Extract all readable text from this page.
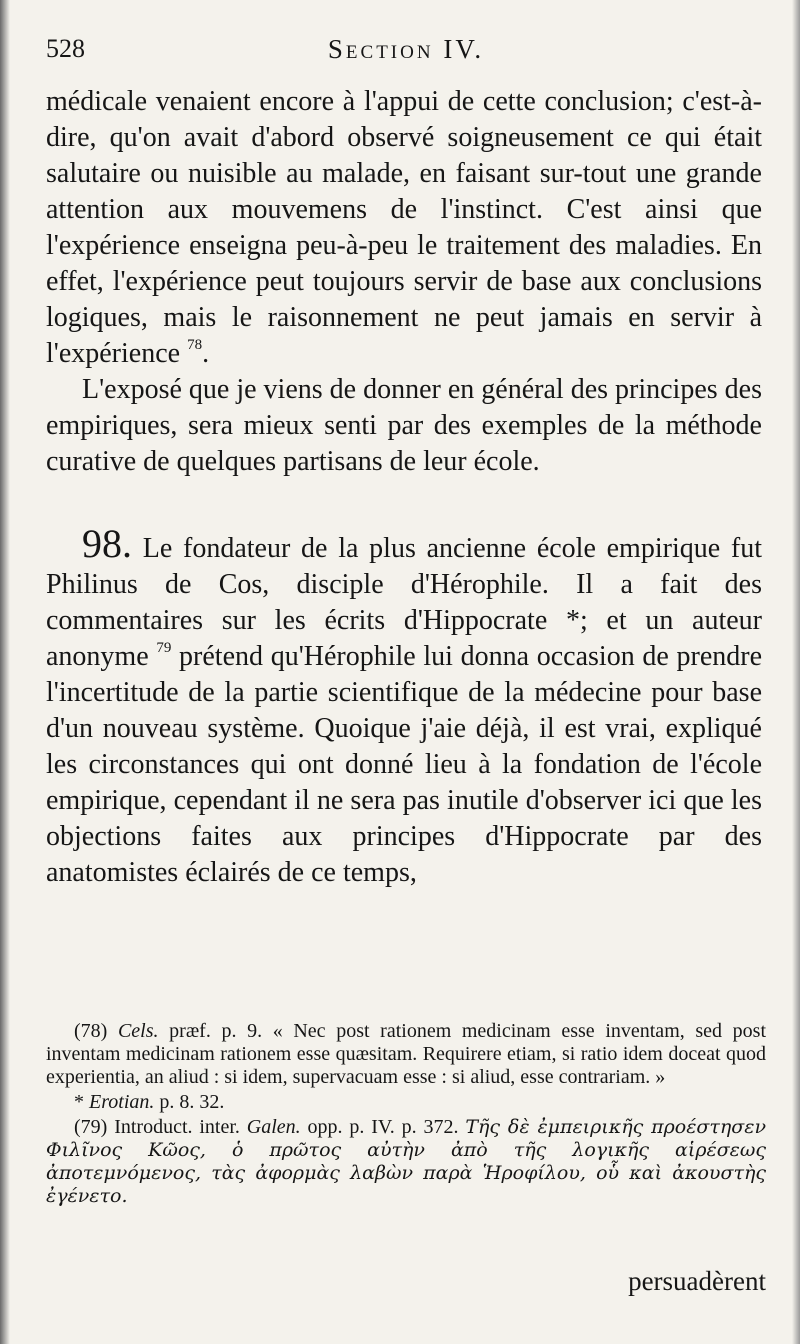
528	Section IV.

médicale venaient encore à l'appui de cette conclusion; c'est-à-dire, qu'on avait d'abord observé soigneusement ce qui était salutaire ou nuisible au malade, en faisant sur-tout une grande attention aux mouvemens de l'instinct. C'est ainsi que l'expérience enseigna peu-à-peu le traitement des maladies. En effet, l'expérience peut toujours servir de base aux conclusions logiques, mais le raisonnement ne peut jamais en servir à l'expérience $^{78}$.

L'exposé que je viens de donner en général des principes des empiriques, sera mieux senti par des exemples de la méthode curative de quelques partisans de leur école.

98. Le fondateur de la plus ancienne école empirique fut Philinus de Cos, disciple d'Hérophile. Il a fait des commentaires sur les écrits d'Hippocrate *; et un auteur anonyme $^{79}$ prétend qu'Hérophile lui donna occasion de prendre l'incertitude de la partie scientifique de la médecine pour base d'un nouveau système. Quoique j'aie déjà, il est vrai, expliqué les circonstances qui ont donné lieu à la fondation de l'école empirique, cependant il ne sera pas inutile d'observer ici que les objections faites aux principes d'Hippocrate par des anatomistes éclairés de ce temps,

(78) Cels. præf. p. 9. « Nec post rationem medicinam esse inventam, sed post inventam medicinam rationem esse quæsitam. Requirere etiam, si ratio idem doceat quod experientia, an aliud : si idem, supervacuam esse : si aliud, esse contrariam. »

* Erotian. p. 8. 32.

(79) Introduct. inter. Galen. opp. p. IV. p. 372. Τῆς δὲ ἐμπειρικῆς προέστησεν Φιλῖνος Κῶος, ὁ πρῶτος αὐτὴν ἀπὸ τῆς λογικῆς αἱρέσεως ἀποτεμνόμενος, τὰς ἀφορμὰς λαβὼν παρὰ Ἡροφίλου, οὗ καὶ ἀκουστὴς ἐγένετο.

persuadèrent
